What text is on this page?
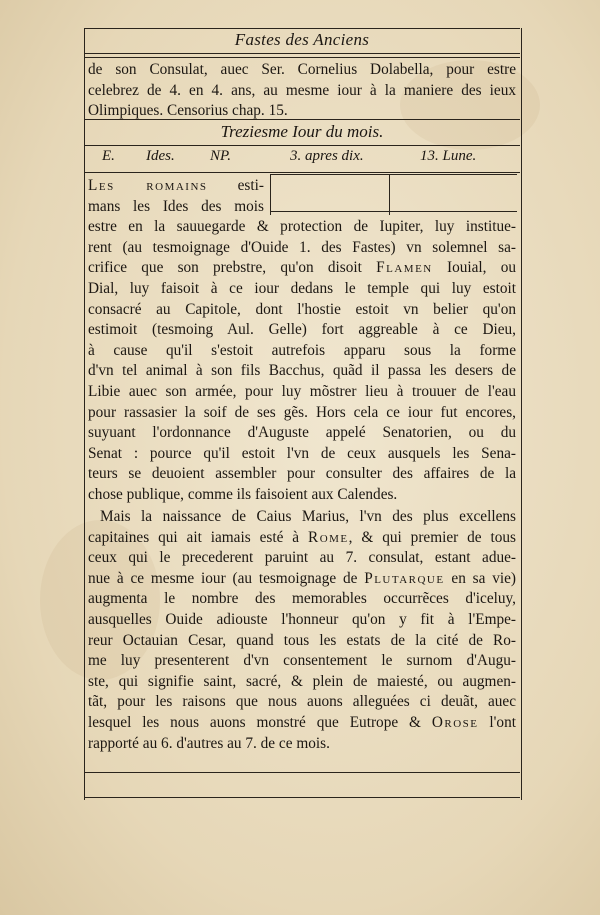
Fastes des Anciens
de son Consulat, auec Ser. Cornelius Dolabella, pour estre
celebrez de 4. en 4. ans, au mesme iour à la maniere des ieux
Olimpiques. Censorius chap. 15.
Treziesme Iour du mois.
E. Ides. NP.	3. apres dix.	13. Lune.
Les romains esti-
mans les Ides des mois
estre en la sauuegarde & protection de Iupiter, luy institue-
rent (au tesmoignage d'Ouide 1. des Fastes) vn solemnel sa-
crifice que son prebstre, qu'on disoit Flamen Iouial, ou
Dial, luy faisoit à ce iour dedans le temple qui luy estoit
consacré au Capitole, dont l'hostie estoit vn belier qu'on
estimoit (tesmoing Aul. Gelle) fort aggreable à ce Dieu,
à cause qu'il s'estoit autrefois apparu sous la forme
d'vn tel animal à son fils Bacchus, quãd il passa les desers de
Libie auec son armée, pour luy mõstrer lieu à trouuer de l'eau
pour rassasier la soif de ses gẽs. Hors cela ce iour fut encores,
suyuant l'ordonnance d'Auguste appelé Senatorien, ou du
Senat : pource qu'il estoit l'vn de ceux ausquels les Sena-
teurs se deuoient assembler pour consulter des affaires de la
chose publique, comme ils faisoient aux Calendes.
Mais la naissance de Caius Marius, l'vn des plus excellens
capitaines qui ait iamais esté à Rome, & qui premier de tous
ceux qui le precederent paruint au 7. consulat, estant adue-
nue à ce mesme iour (au tesmoignage de Plutarque en sa vie)
augmenta le nombre des memorables occurrẽces d'iceluy,
ausquelles Ouide adiouste l'honneur qu'on y fit à l'Empe-
reur Octauian Cesar, quand tous les estats de la cité de Ro-
me luy presenterent d'vn consentement le surnom d'Augu-
ste, qui signifie saint, sacré, & plein de maiesté, ou augmen-
tãt, pour les raisons que nous auons alleguées ci deuãt, auec
lesquel les nous auons monstré que Eutrope & Orose l'ont
rapporté au 6. d'autres au 7. de ce mois.
